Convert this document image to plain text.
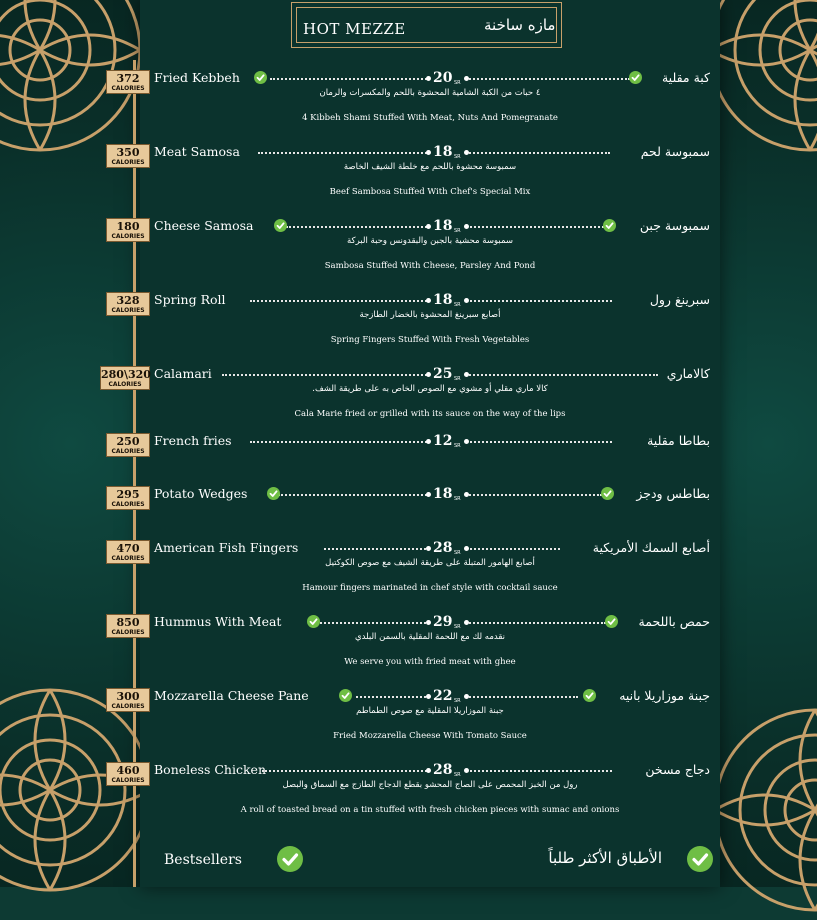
HOT MEZZE	مازه ساخنة
372
CALORIES
Fried Kebbeh	كبة مقلية
20 SR
٤ حبات من الكبة الشامية المحشوة باللحم والمكسرات والرمان
4 Kibbeh Shami Stuffed With Meat, Nuts And Pomegranate
350
CALORIES
Meat Samosa	سمبوسة لحم
18 SR
سمبوسة محشوة باللحم مع خلطة الشيف الخاصة
Beef Sambosa Stuffed With Chef's Special Mix
180
CALORIES
Cheese Samosa	سمبوسة جبن
18 SR
سمبوسة محشية بالجبن والبقدونس وحبة البركة
Sambosa Stuffed With Cheese, Parsley And Pond
328
CALORIES
Spring Roll	سبرينغ رول
18 SR
أصابع سبرينغ المحشوة بالخضار الطازجة
Spring Fingers Stuffed With Fresh Vegetables
280\320
CALORIES
Calamari	كالاماري
25 SR
كالا ماري مقلي أو مشوي مع الصوص الخاص به على طريقة الشف.
Cala Marie fried or grilled with its sauce on the way of the lips
250
CALORIES
French fries	بطاطا مقلية
12 SR
295
CALORIES
Potato Wedges	بطاطس ودجز
18 SR
470
CALORIES
American Fish Fingers	أصابع السمك الأمريكية
28 SR
أصابع الهامور المتبلة على طريقة الشيف مع صوص الكوكتيل
Hamour fingers marinated in chef style with cocktail sauce
850
CALORIES
Hummus With Meat	حمص باللحمة
29 SR
نقدمه لك مع اللحمة المقلية بالسمن البلدي
We serve you with fried meat with ghee
300
CALORIES
Mozzarella Cheese Pane	جبنة موزاريلا بانيه
22 SR
جبنة الموزاريلا المقلية مع صوص الطماطم
Fried Mozzarella Cheese With Tomato Sauce
460
CALORIES
Boneless Chicken	دجاج مسخن
28 SR
رول من الخبز المحمص على الصاج المحشو بقطع الدجاج الطازج مع السماق والبصل
A roll of toasted bread on a tin stuffed with fresh chicken pieces with sumac and onions
Bestsellers	الأطباق الأكثر طلباً
